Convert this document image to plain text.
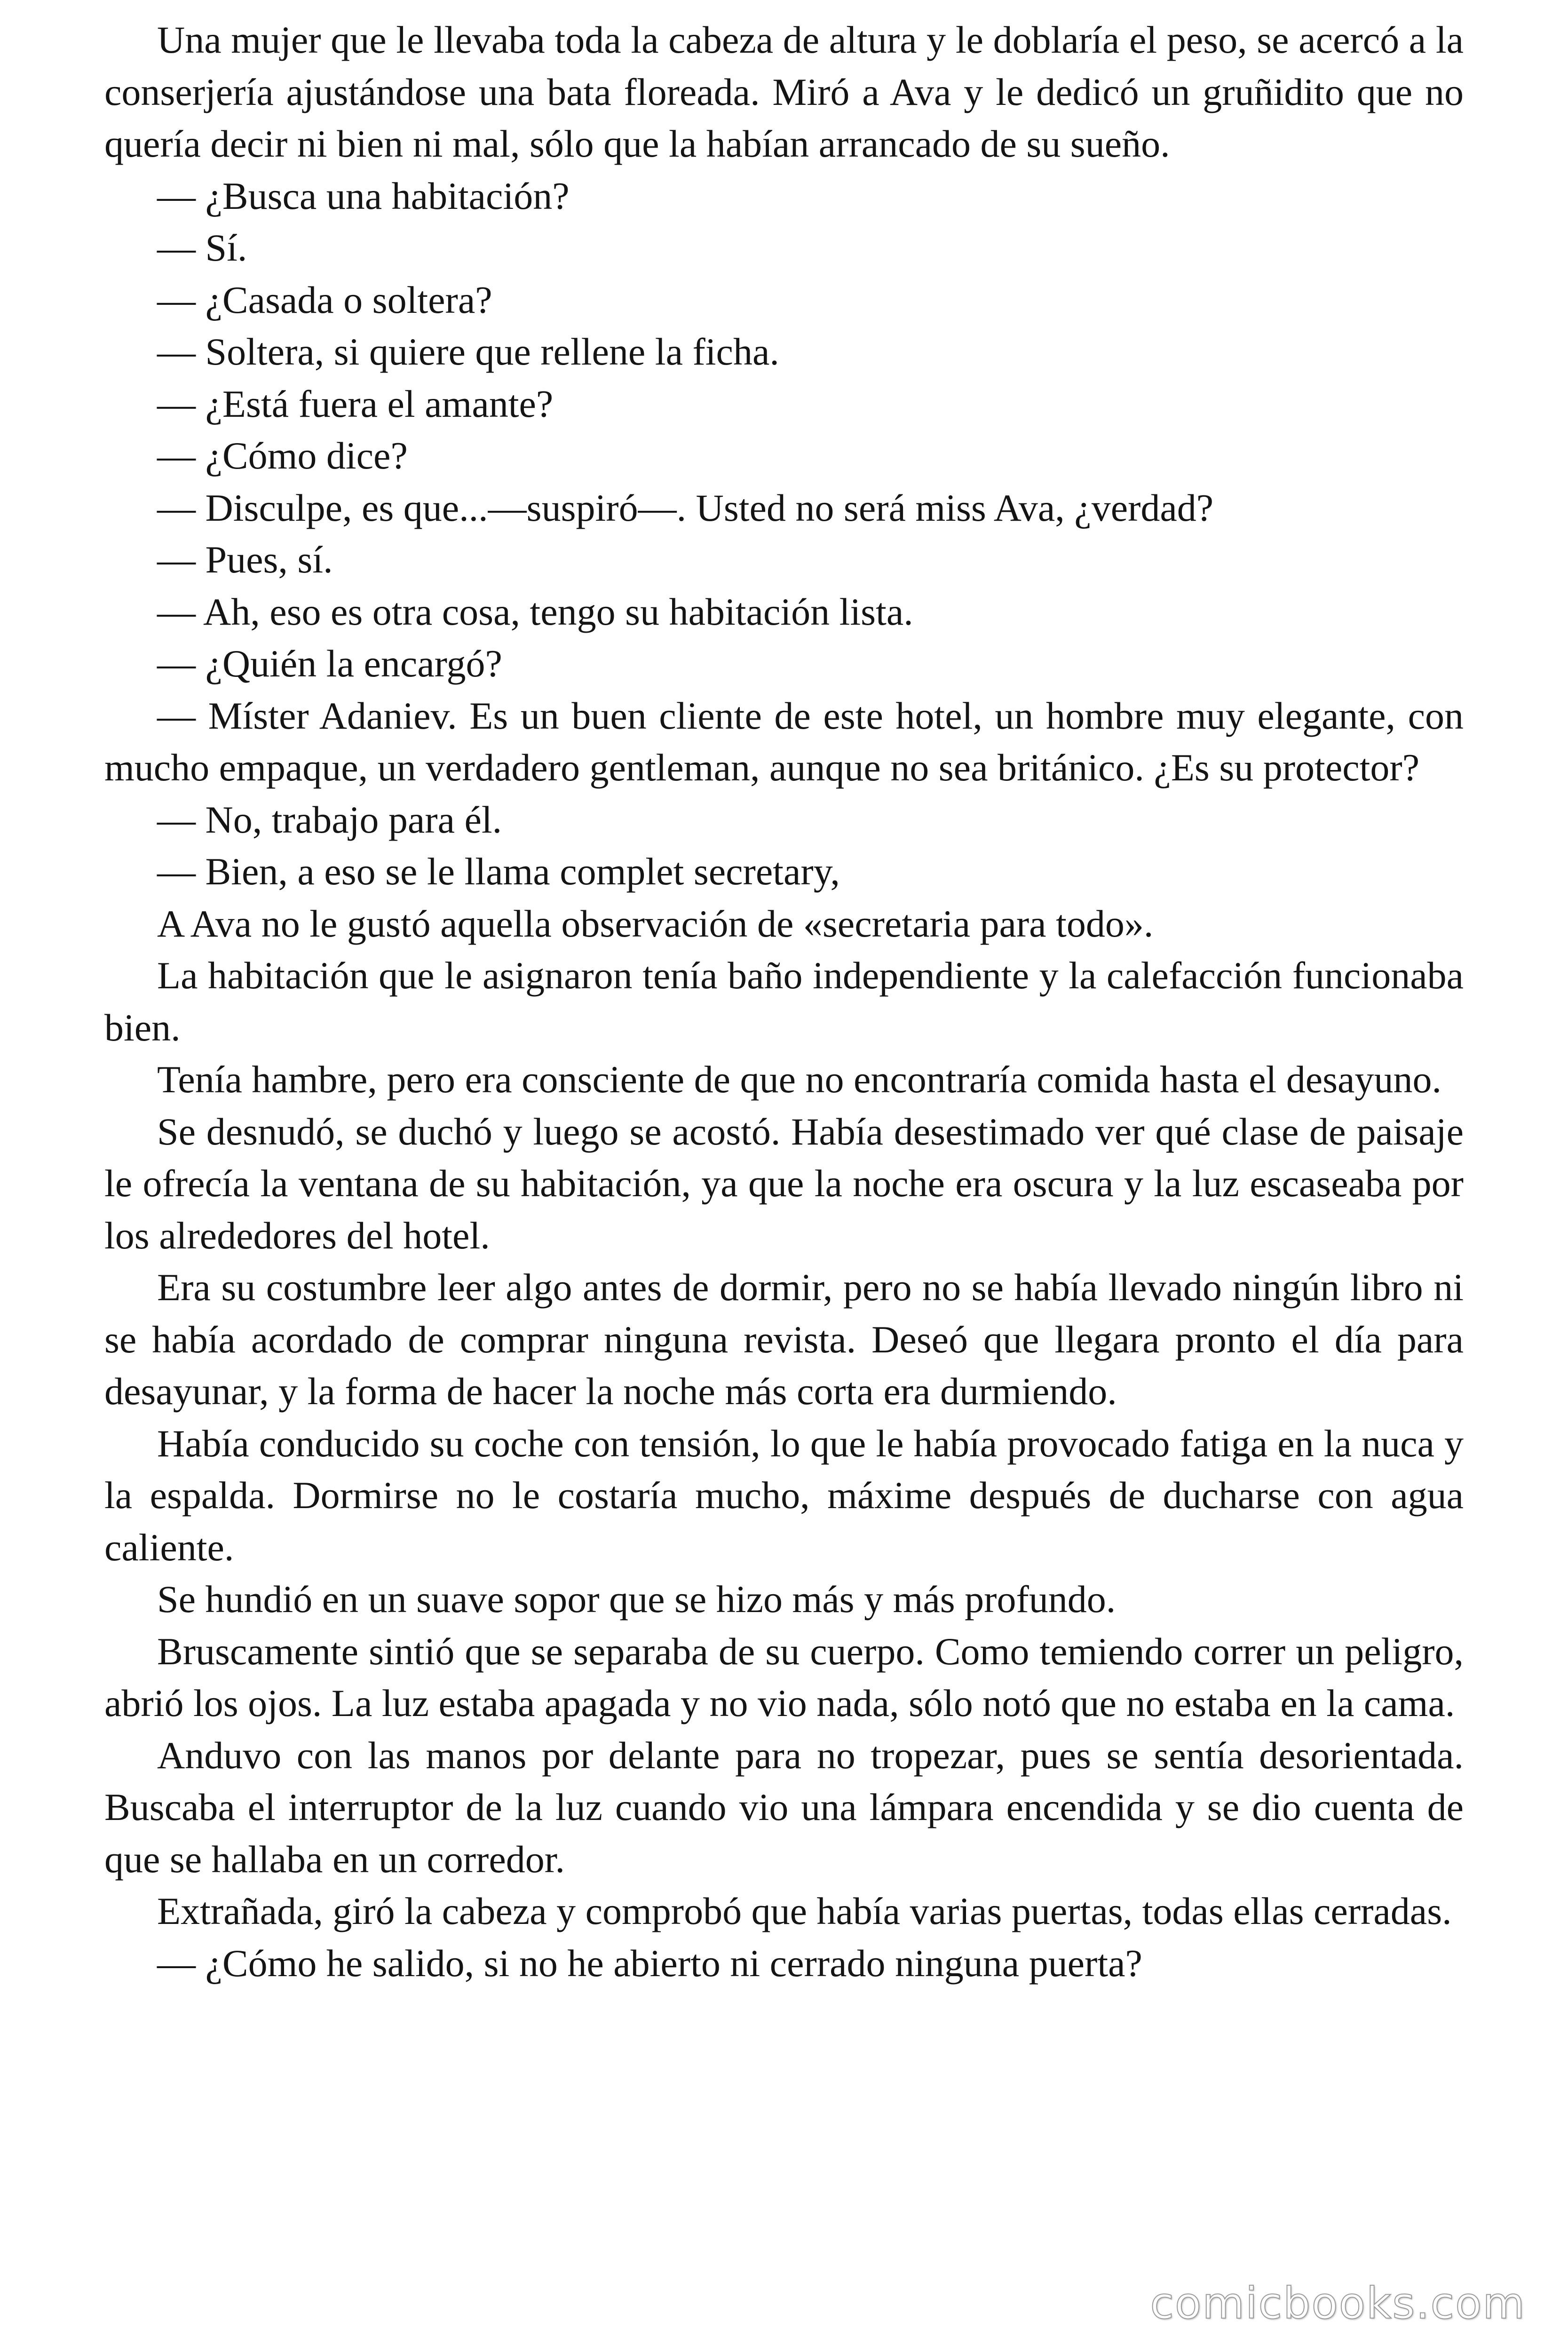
Una mujer que le llevaba toda la cabeza de altura y le doblaría el peso, se acercó a la conserjería ajustándose una bata floreada. Miró a Ava y le dedicó un gruñidito que no quería decir ni bien ni mal, sólo que la habían arrancado de su sueño.

— ¿Busca una habitación?

— Sí.

— ¿Casada o soltera?

— Soltera, si quiere que rellene la ficha.

— ¿Está fuera el amante?

— ¿Cómo dice?

— Disculpe, es que...—suspiró—. Usted no será miss Ava, ¿verdad?

— Pues, sí.

— Ah, eso es otra cosa, tengo su habitación lista.

— ¿Quién la encargó?

— Míster Adaniev. Es un buen cliente de este hotel, un hombre muy elegante, con mucho empaque, un verdadero gentleman, aunque no sea británico. ¿Es su protector?

— No, trabajo para él.

— Bien, a eso se le llama complet secretary,

A Ava no le gustó aquella observación de «secretaria para todo».

La habitación que le asignaron tenía baño independiente y la calefacción funcionaba bien.

Tenía hambre, pero era consciente de que no encontraría comida hasta el desayuno.

Se desnudó, se duchó y luego se acostó. Había desestimado ver qué clase de paisaje le ofrecía la ventana de su habitación, ya que la noche era oscura y la luz escaseaba por los alrededores del hotel.

Era su costumbre leer algo antes de dormir, pero no se había llevado ningún libro ni se había acordado de comprar ninguna revista. Deseó que llegara pronto el día para desayunar, y la forma de hacer la noche más corta era durmiendo.

Había conducido su coche con tensión, lo que le había provocado fatiga en la nuca y la espalda. Dormirse no le costaría mucho, máxime después de ducharse con agua caliente.

Se hundió en un suave sopor que se hizo más y más profundo.

Bruscamente sintió que se separaba de su cuerpo. Como temiendo correr un peligro, abrió los ojos. La luz estaba apagada y no vio nada, sólo notó que no estaba en la cama.

Anduvo con las manos por delante para no tropezar, pues se sentía desorientada. Buscaba el interruptor de la luz cuando vio una lámpara encendida y se dio cuenta de que se hallaba en un corredor.

Extrañada, giró la cabeza y comprobó que había varias puertas, todas ellas cerradas.

— ¿Cómo he salido, si no he abierto ni cerrado ninguna puerta?

comicbooks.com
